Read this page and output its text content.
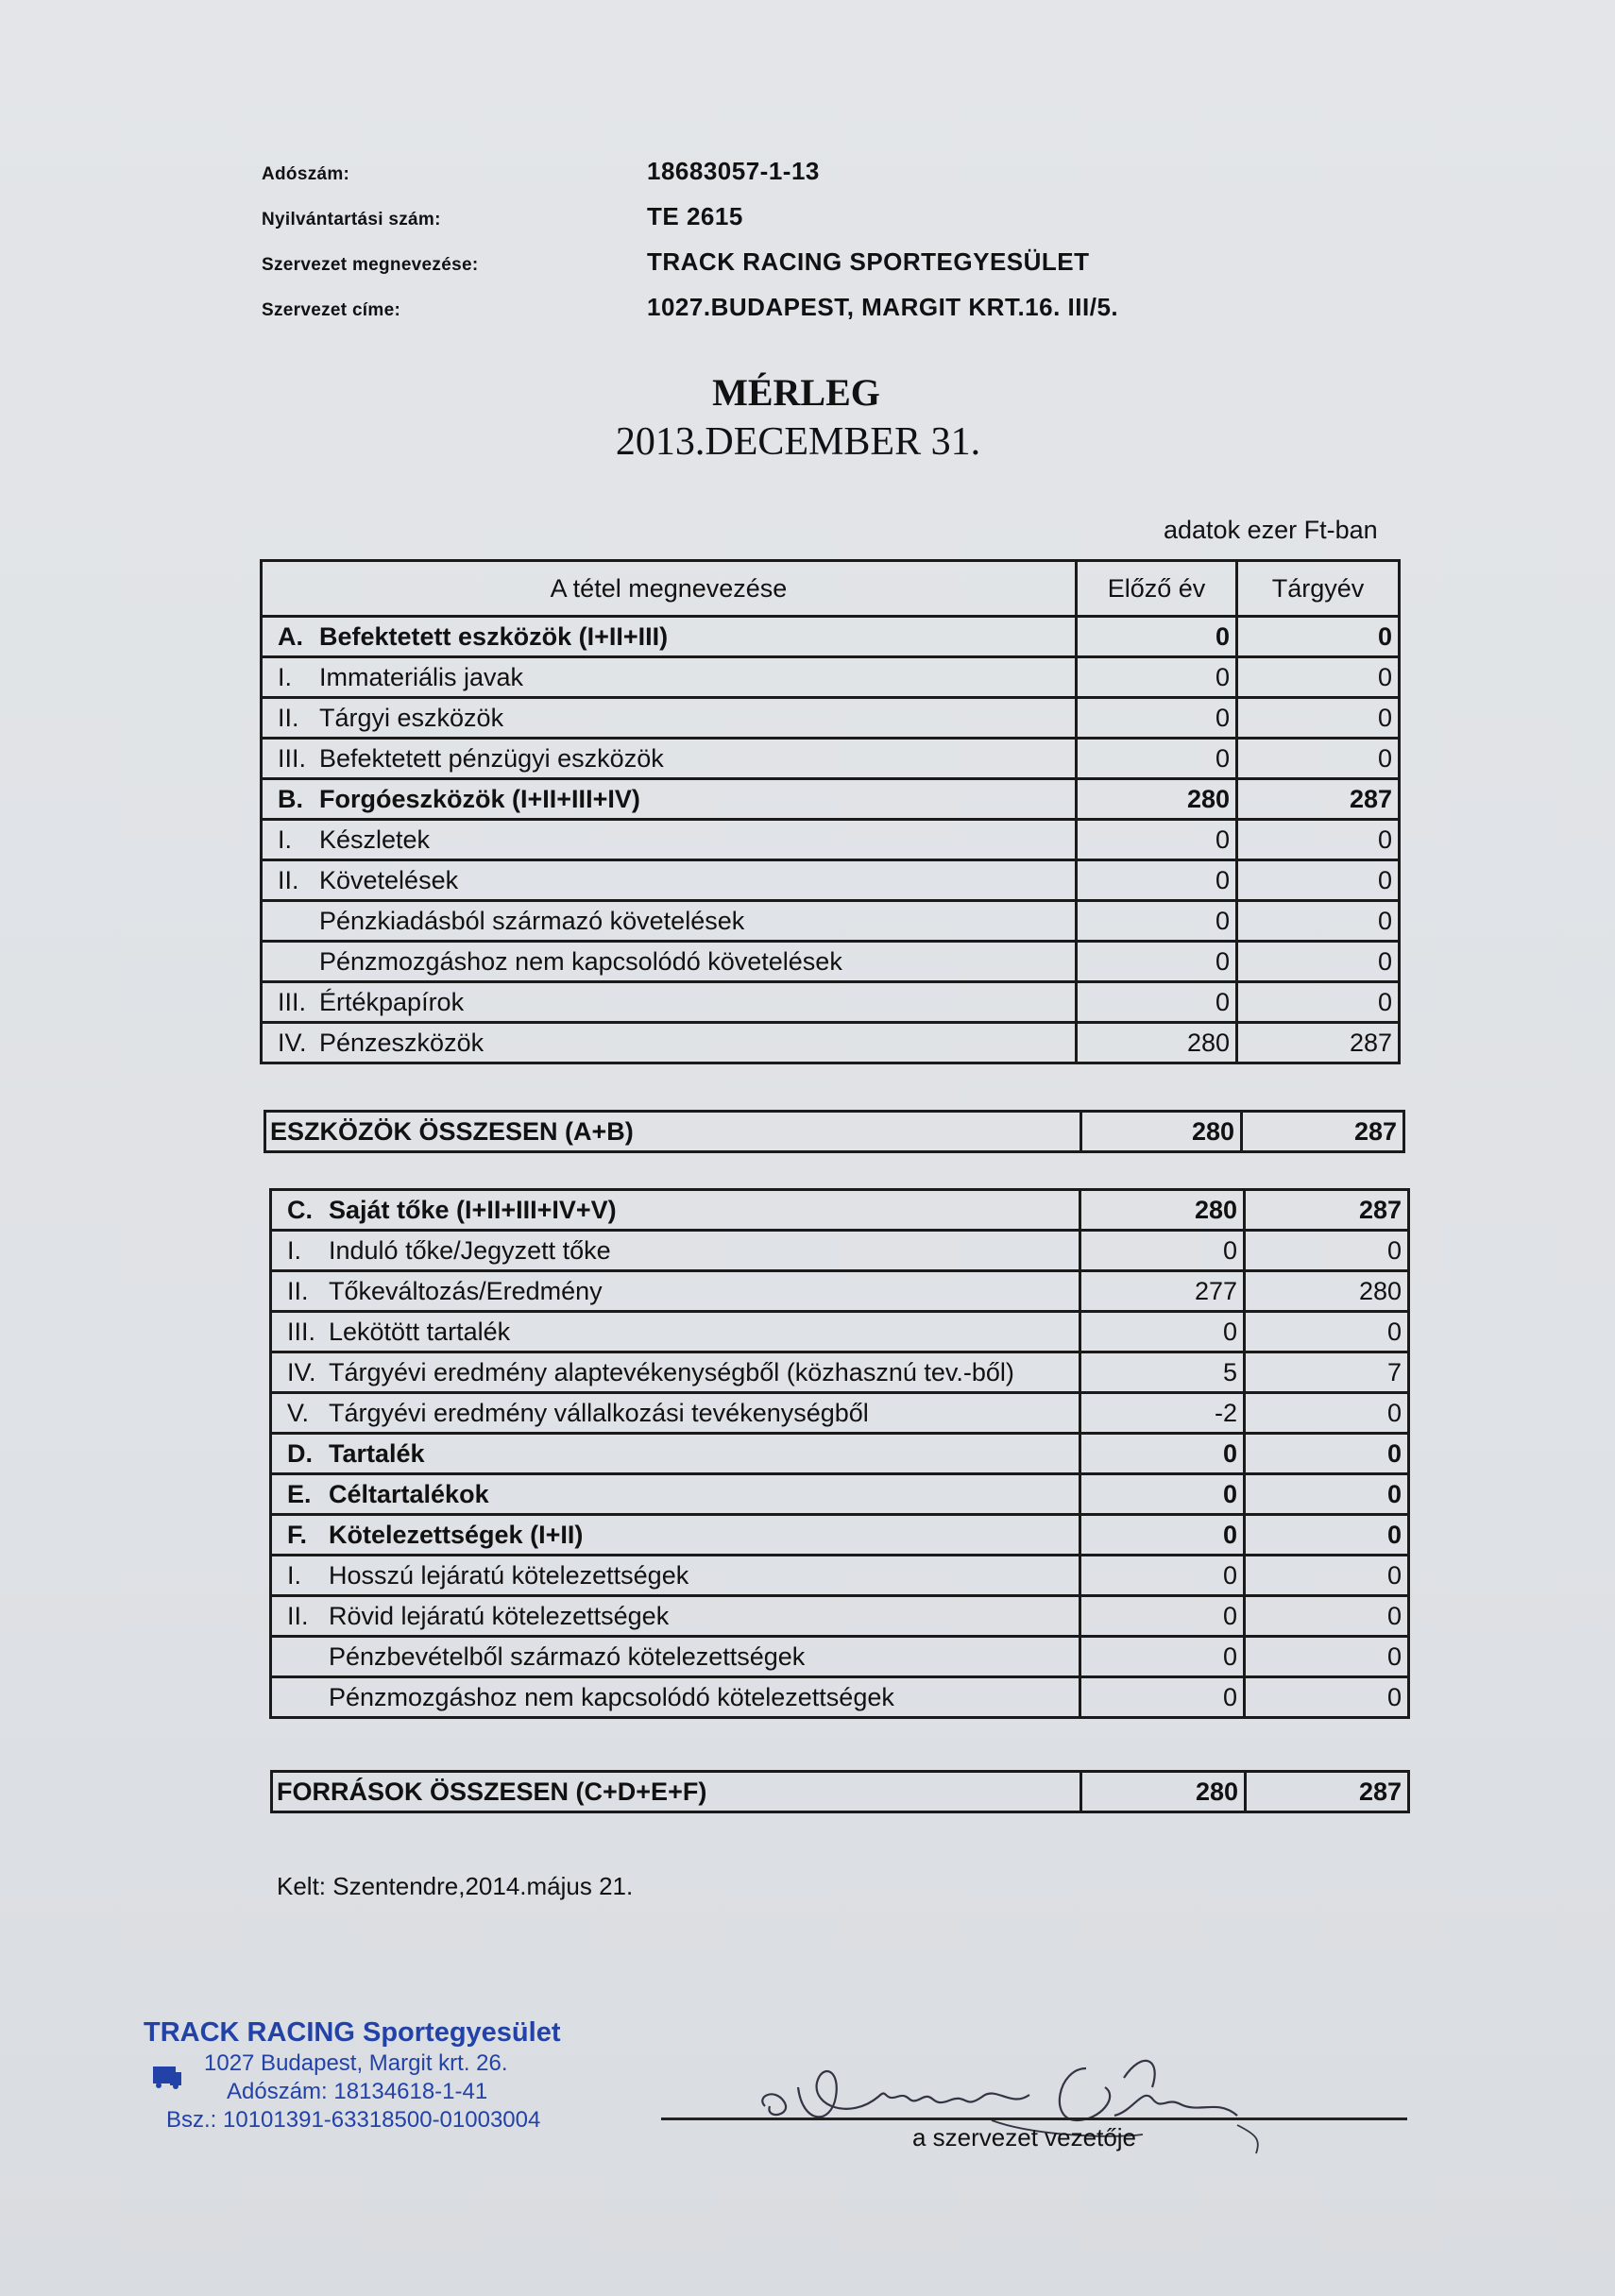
Adószám:	18683057-1-13
Nyilvántartási szám:	TE 2615
Szervezet megnevezése:	TRACK RACING SPORTEGYESÜLET
Szervezet címe:	1027.BUDAPEST, MARGIT KRT.16. III/5.
MÉRLEG
2013.DECEMBER 31.
adatok ezer Ft-ban
A tétel megnevezése	Előző év	Tárgyév
A. Befektetett eszközök (I+II+III)	0	0
I. Immateriális javak	0	0
II. Tárgyi eszközök	0	0
III. Befektetett pénzügyi eszközök	0	0
B. Forgóeszközök (I+II+III+IV)	280	287
I. Készletek	0	0
II. Követelések	0	0
Pénzkiadásból származó követelések	0	0
Pénzmozgáshoz nem kapcsolódó követelések	0	0
III. Értékpapírok	0	0
IV. Pénzeszközök	280	287
ESZKÖZÖK ÖSSZESEN (A+B)	280	287
C. Saját tőke (I+II+III+IV+V)	280	287
I. Induló tőke/Jegyzett tőke	0	0
II. Tőkeváltozás/Eredmény	277	280
III. Lekötött tartalék	0	0
IV. Tárgyévi eredmény alaptevékenységből (közhasznú tev.-ből)	5	7
V. Tárgyévi eredmény vállalkozási tevékenységből	-2	0
D. Tartalék	0	0
E. Céltartalékok	0	0
F. Kötelezettségek (I+II)	0	0
I. Hosszú lejáratú kötelezettségek	0	0
II. Rövid lejáratú kötelezettségek	0	0
Pénzbevételből származó kötelezettségek	0	0
Pénzmozgáshoz nem kapcsolódó kötelezettségek	0	0
FORRÁSOK ÖSSZESEN (C+D+E+F)	280	287
Kelt: Szentendre,2014.május 21.
TRACK RACING Sportegyesület
1027 Budapest, Margit krt. 26.
Adószám: 18134618-1-41
Bsz.: 10101391-63318500-01003004
a szervezet vezetője
